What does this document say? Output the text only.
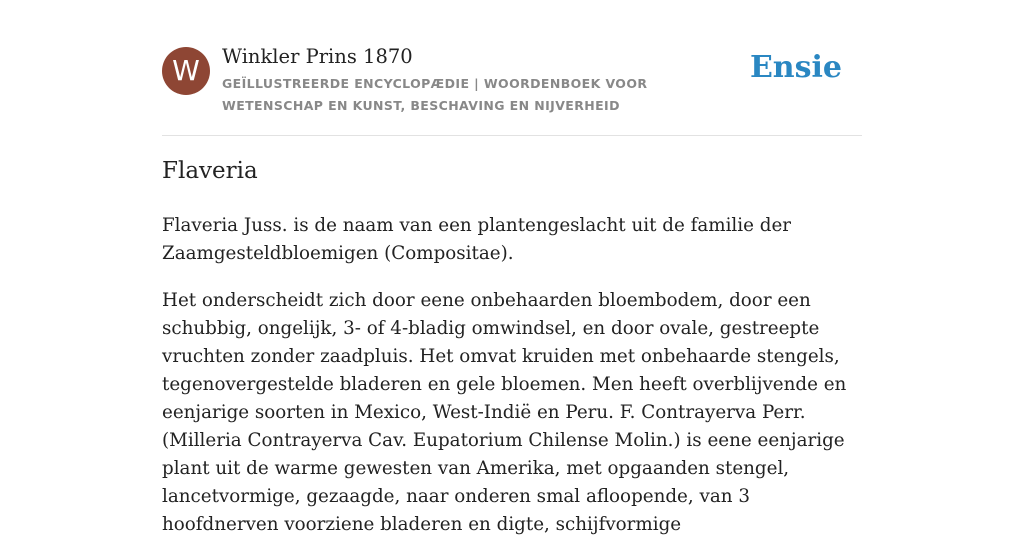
W	Winkler Prins 1870
GEÏLLUSTREERDE ENCYCLOPÆDIE | WOORDENBOEK VOOR WETENSCHAP EN KUNST, BESCHAVING EN NIJVERHEID
Ensie
Flaveria

Flaveria Juss. is de naam van een plantengeslacht uit de familie der Zaamgesteldbloemigen (Compositae).

Het onderscheidt zich door eene onbehaarden bloembodem, door een schubbig, ongelijk, 3- of 4-bladig omwindsel, en door ovale, gestreepte vruchten zonder zaadpluis. Het omvat kruiden met onbehaarde stengels, tegenovergestelde bladeren en gele bloemen. Men heeft overblijvende en eenjarige soorten in Mexico, West-Indië en Peru. F. Contrayerva Perr. (Milleria Contrayerva Cav. Eupatorium Chilense Molin.) is eene eenjarige plant uit de warme gewesten van Amerika, met opgaanden stengel, lancetvormige, gezaagde, naar onderen smal afloopende, van 3 hoofdnerven voorziene bladeren en digte, schijfvormige
